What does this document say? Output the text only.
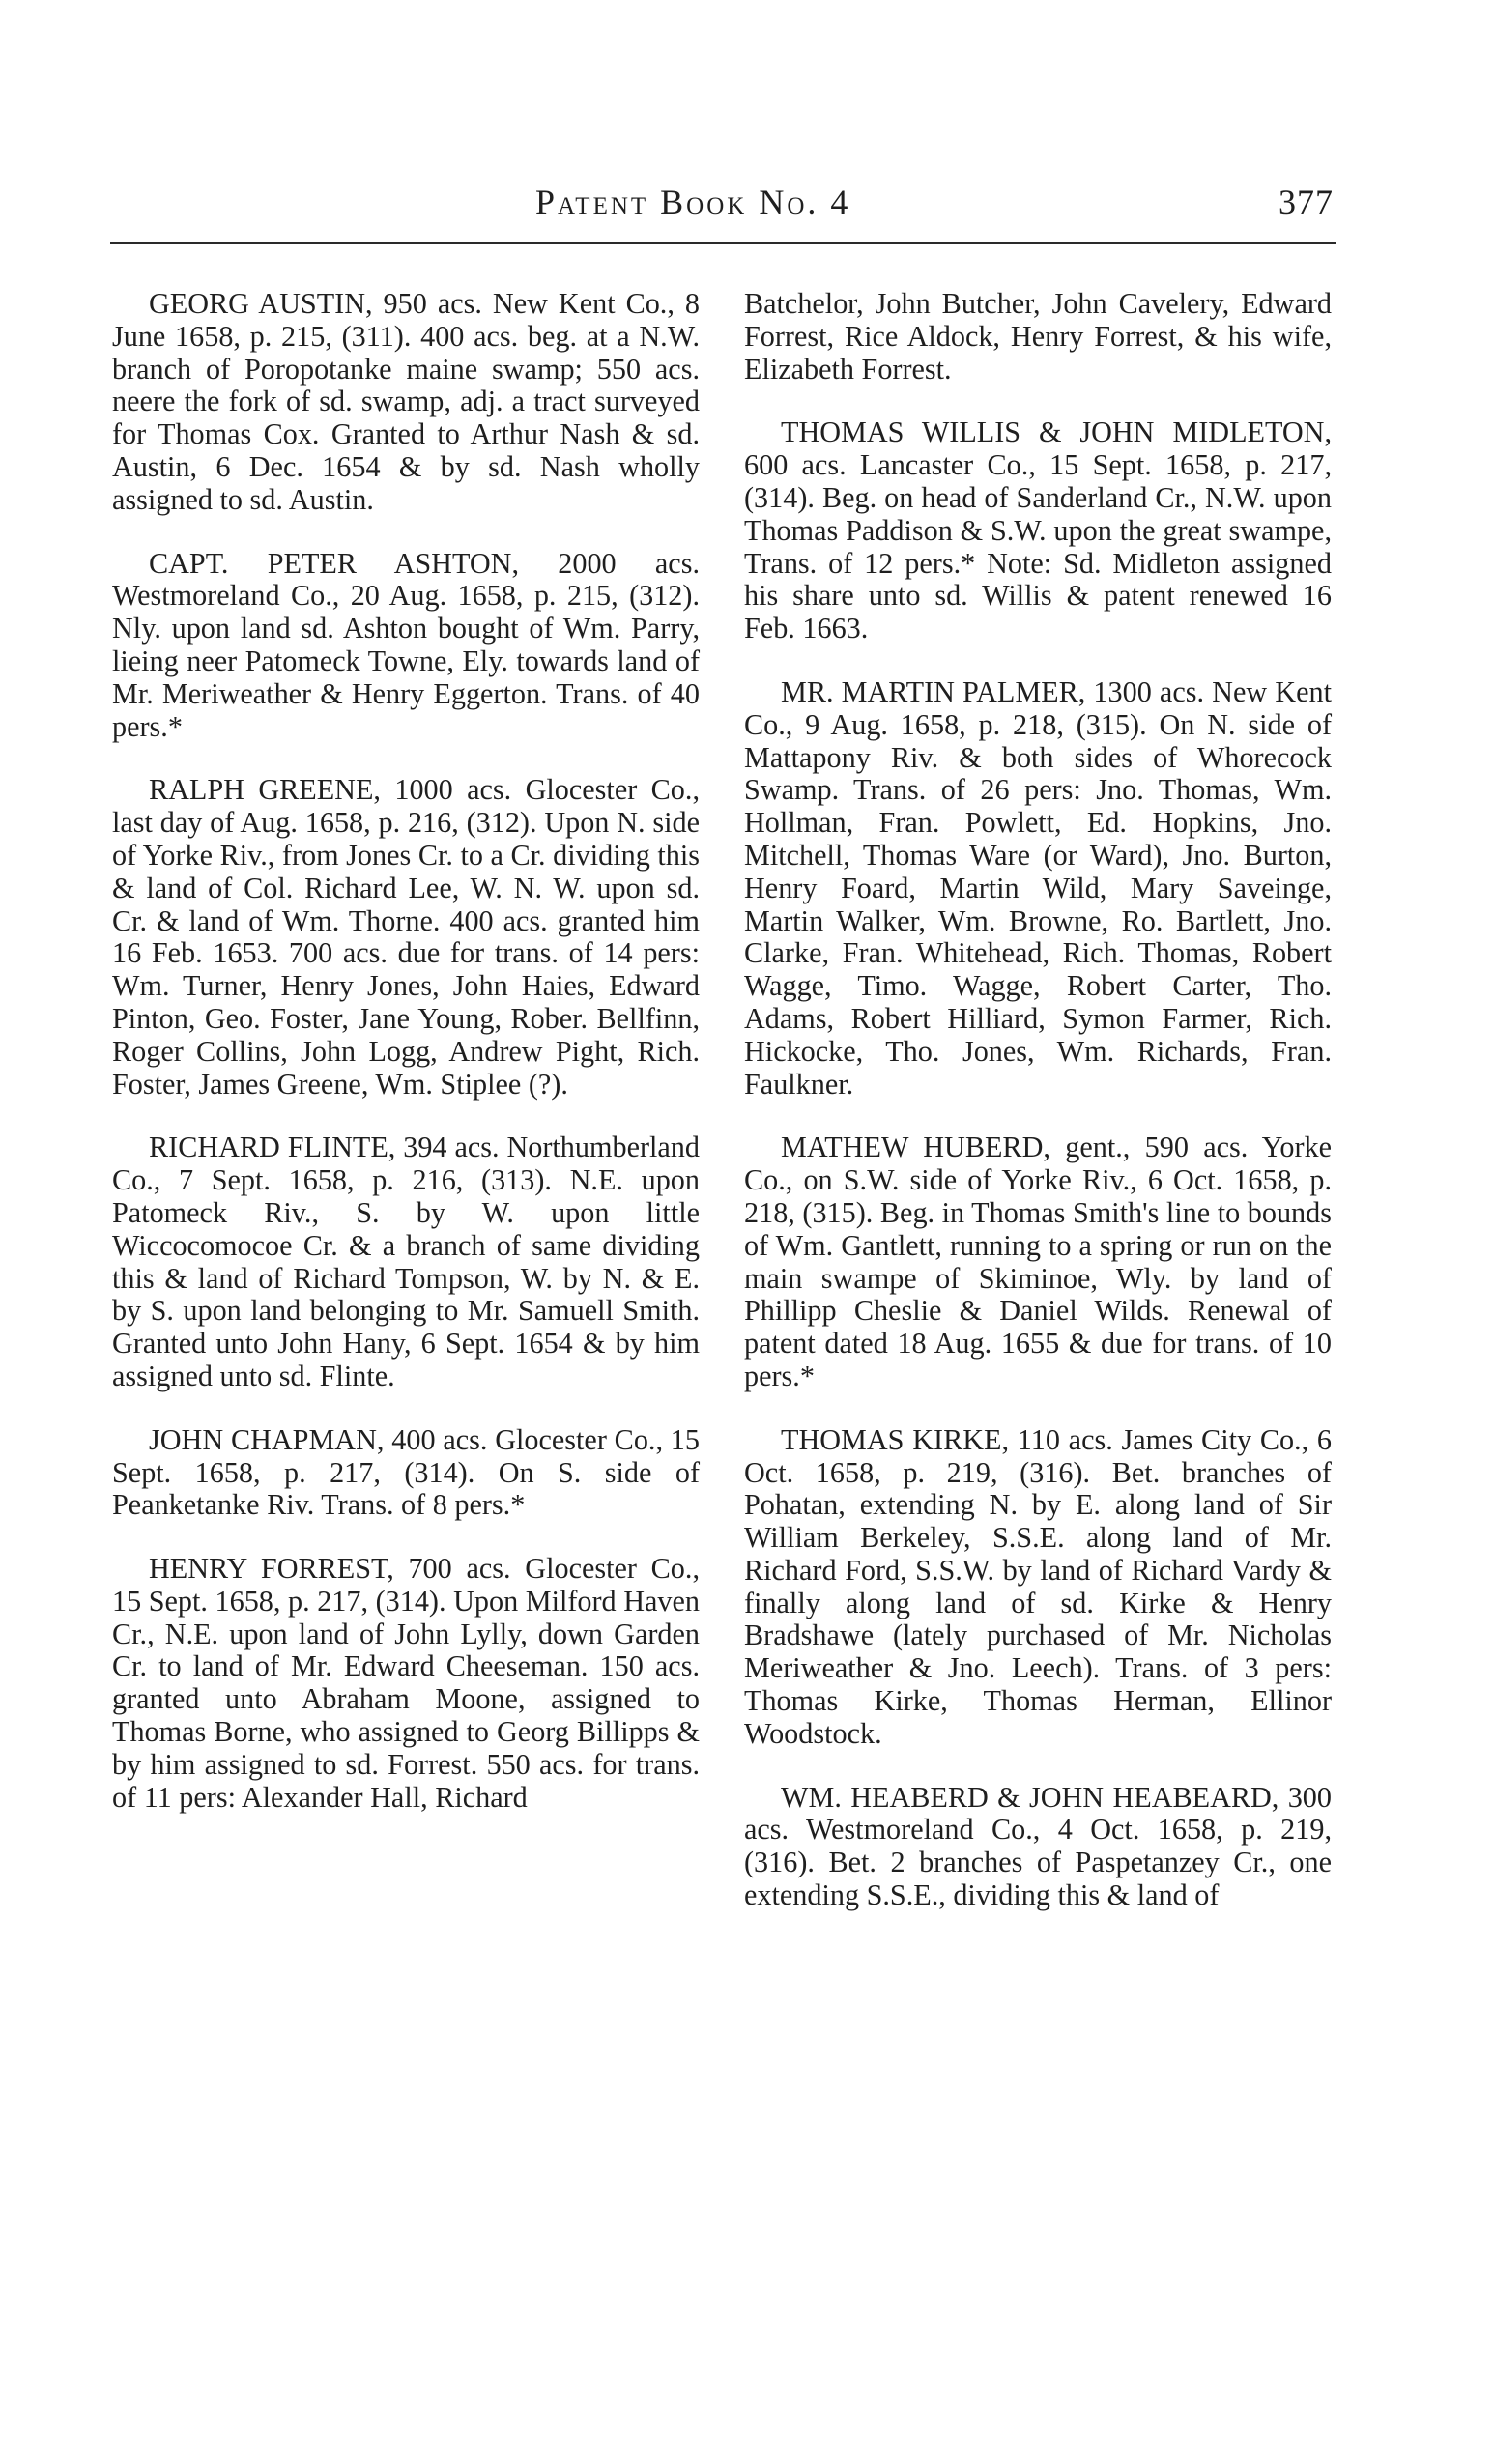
Patent Book No. 4	377

GEORG AUSTIN, 950 acs. New Kent Co., 8 June 1658, p. 215, (311). 400 acs. beg. at a N.W. branch of Poropotanke maine swamp; 550 acs. neere the fork of sd. swamp, adj. a tract surveyed for Thomas Cox. Granted to Arthur Nash & sd. Austin, 6 Dec. 1654 & by sd. Nash wholly assigned to sd. Austin.

CAPT. PETER ASHTON, 2000 acs. Westmoreland Co., 20 Aug. 1658, p. 215, (312). Nly. upon land sd. Ashton bought of Wm. Parry, lieing neer Patomeck Towne, Ely. towards land of Mr. Meriweather & Henry Eggerton. Trans. of 40 pers.*

RALPH GREENE, 1000 acs. Glocester Co., last day of Aug. 1658, p. 216, (312). Upon N. side of Yorke Riv., from Jones Cr. to a Cr. dividing this & land of Col. Richard Lee, W. N. W. upon sd. Cr. & land of Wm. Thorne. 400 acs. granted him 16 Feb. 1653. 700 acs. due for trans. of 14 pers: Wm. Turner, Henry Jones, John Haies, Edward Pinton, Geo. Foster, Jane Young, Rober. Bellfinn, Roger Collins, John Logg, Andrew Pight, Rich. Foster, James Greene, Wm. Stiplee (?).

RICHARD FLINTE, 394 acs. Northumberland Co., 7 Sept. 1658, p. 216, (313). N.E. upon Patomeck Riv., S. by W. upon little Wiccocomocoe Cr. & a branch of same dividing this & land of Richard Tompson, W. by N. & E. by S. upon land belonging to Mr. Samuell Smith. Granted unto John Hany, 6 Sept. 1654 & by him assigned unto sd. Flinte.

JOHN CHAPMAN, 400 acs. Glocester Co., 15 Sept. 1658, p. 217, (314). On S. side of Peanketanke Riv. Trans. of 8 pers.*

HENRY FORREST, 700 acs. Glocester Co., 15 Sept. 1658, p. 217, (314). Upon Milford Haven Cr., N.E. upon land of John Lylly, down Garden Cr. to land of Mr. Edward Cheeseman. 150 acs. granted unto Abraham Moone, assigned to Thomas Borne, who assigned to Georg Billipps & by him assigned to sd. Forrest. 550 acs. for trans. of 11 pers: Alexander Hall, Richard

Batchelor, John Butcher, John Cavelery, Edward Forrest, Rice Aldock, Henry Forrest, & his wife, Elizabeth Forrest.

THOMAS WILLIS & JOHN MIDLETON, 600 acs. Lancaster Co., 15 Sept. 1658, p. 217, (314). Beg. on head of Sanderland Cr., N.W. upon Thomas Paddison & S.W. upon the great swampe, Trans. of 12 pers.* Note: Sd. Midleton assigned his share unto sd. Willis & patent renewed 16 Feb. 1663.

MR. MARTIN PALMER, 1300 acs. New Kent Co., 9 Aug. 1658, p. 218, (315). On N. side of Mattapony Riv. & both sides of Whorecock Swamp. Trans. of 26 pers: Jno. Thomas, Wm. Hollman, Fran. Powlett, Ed. Hopkins, Jno. Mitchell, Thomas Ware (or Ward), Jno. Burton, Henry Foard, Martin Wild, Mary Saveinge, Martin Walker, Wm. Browne, Ro. Bartlett, Jno. Clarke, Fran. Whitehead, Rich. Thomas, Robert Wagge, Timo. Wagge, Robert Carter, Tho. Adams, Robert Hilliard, Symon Farmer, Rich. Hickocke, Tho. Jones, Wm. Richards, Fran. Faulkner.

MATHEW HUBERD, gent., 590 acs. Yorke Co., on S.W. side of Yorke Riv., 6 Oct. 1658, p. 218, (315). Beg. in Thomas Smith's line to bounds of Wm. Gantlett, running to a spring or run on the main swampe of Skiminoe, Wly. by land of Phillipp Cheslie & Daniel Wilds. Renewal of patent dated 18 Aug. 1655 & due for trans. of 10 pers.*

THOMAS KIRKE, 110 acs. James City Co., 6 Oct. 1658, p. 219, (316). Bet. branches of Pohatan, extending N. by E. along land of Sir William Berkeley, S.S.E. along land of Mr. Richard Ford, S.S.W. by land of Richard Vardy & finally along land of sd. Kirke & Henry Bradshawe (lately purchased of Mr. Nicholas Meriweather & Jno. Leech). Trans. of 3 pers: Thomas Kirke, Thomas Herman, Ellinor Woodstock.

WM. HEABERD & JOHN HEABEARD, 300 acs. Westmoreland Co., 4 Oct. 1658, p. 219, (316). Bet. 2 branches of Paspetanzey Cr., one extending S.S.E., dividing this & land of
